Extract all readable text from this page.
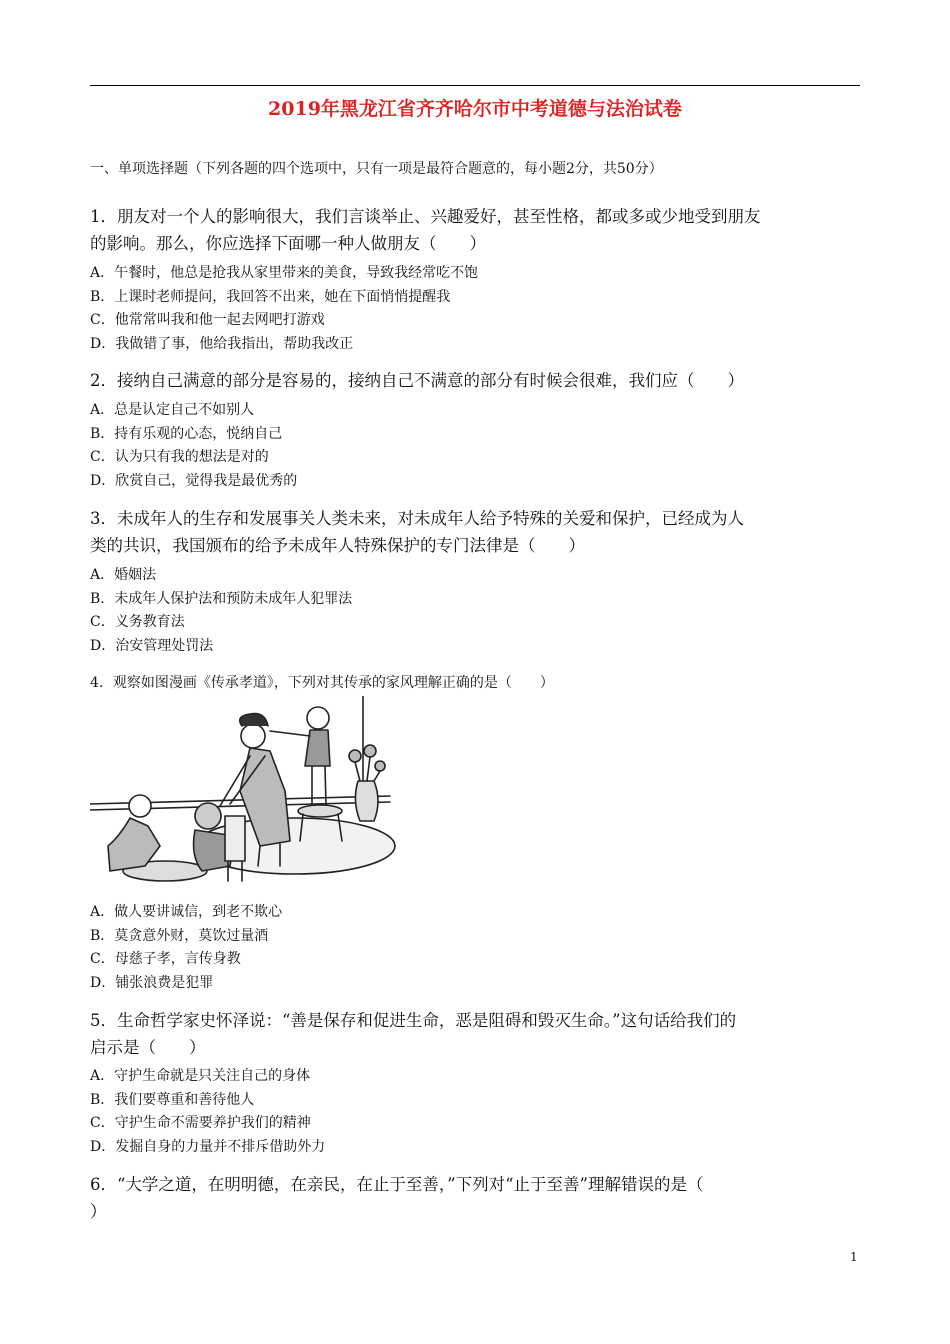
2019年黑龙江省齐齐哈尔市中考道德与法治试卷
一、单项选择题（下列各题的四个选项中，只有一项是最符合题意的，每小题2分，共50分）
1．朋友对一个人的影响很大，我们言谈举止、兴趣爱好，甚至性格，都或多或少地受到朋友
的影响。那么，你应选择下面哪一种人做朋友（　　）
A．午餐时，他总是抢我从家里带来的美食，导致我经常吃不饱
B．上课时老师提问，我回答不出来，她在下面悄悄提醒我
C．他常常叫我和他一起去网吧打游戏
D．我做错了事，他给我指出，帮助我改正
2．接纳自己满意的部分是容易的，接纳自己不满意的部分有时候会很难，我们应（　　）
A．总是认定自己不如别人
B．持有乐观的心态，悦纳自己
C．认为只有我的想法是对的
D．欣赏自己，觉得我是最优秀的
3．未成年人的生存和发展事关人类未来，对未成年人给予特殊的关爱和保护，已经成为人
类的共识，我国颁布的给予未成年人特殊保护的专门法律是（　　）
A．婚姻法
B．未成年人保护法和预防未成年人犯罪法
C．义务教育法
D．治安管理处罚法
4．观察如图漫画《传承孝道》，下列对其传承的家风理解正确的是（　　）
A．做人要讲诚信，到老不欺心
B．莫贪意外财，莫饮过量酒
C．母慈子孝，言传身教
D．铺张浪费是犯罪
5．生命哲学家史怀泽说：“善是保存和促进生命，恶是阻碍和毁灭生命。”这句话给我们的
启示是（　　）
A．守护生命就是只关注自己的身体
B．我们要尊重和善待他人
C．守护生命不需要养护我们的精神
D．发掘自身的力量并不排斥借助外力
6．“大学之道，在明明德，在亲民，在止于至善，”下列对“止于至善”理解错误的是（
）
1
